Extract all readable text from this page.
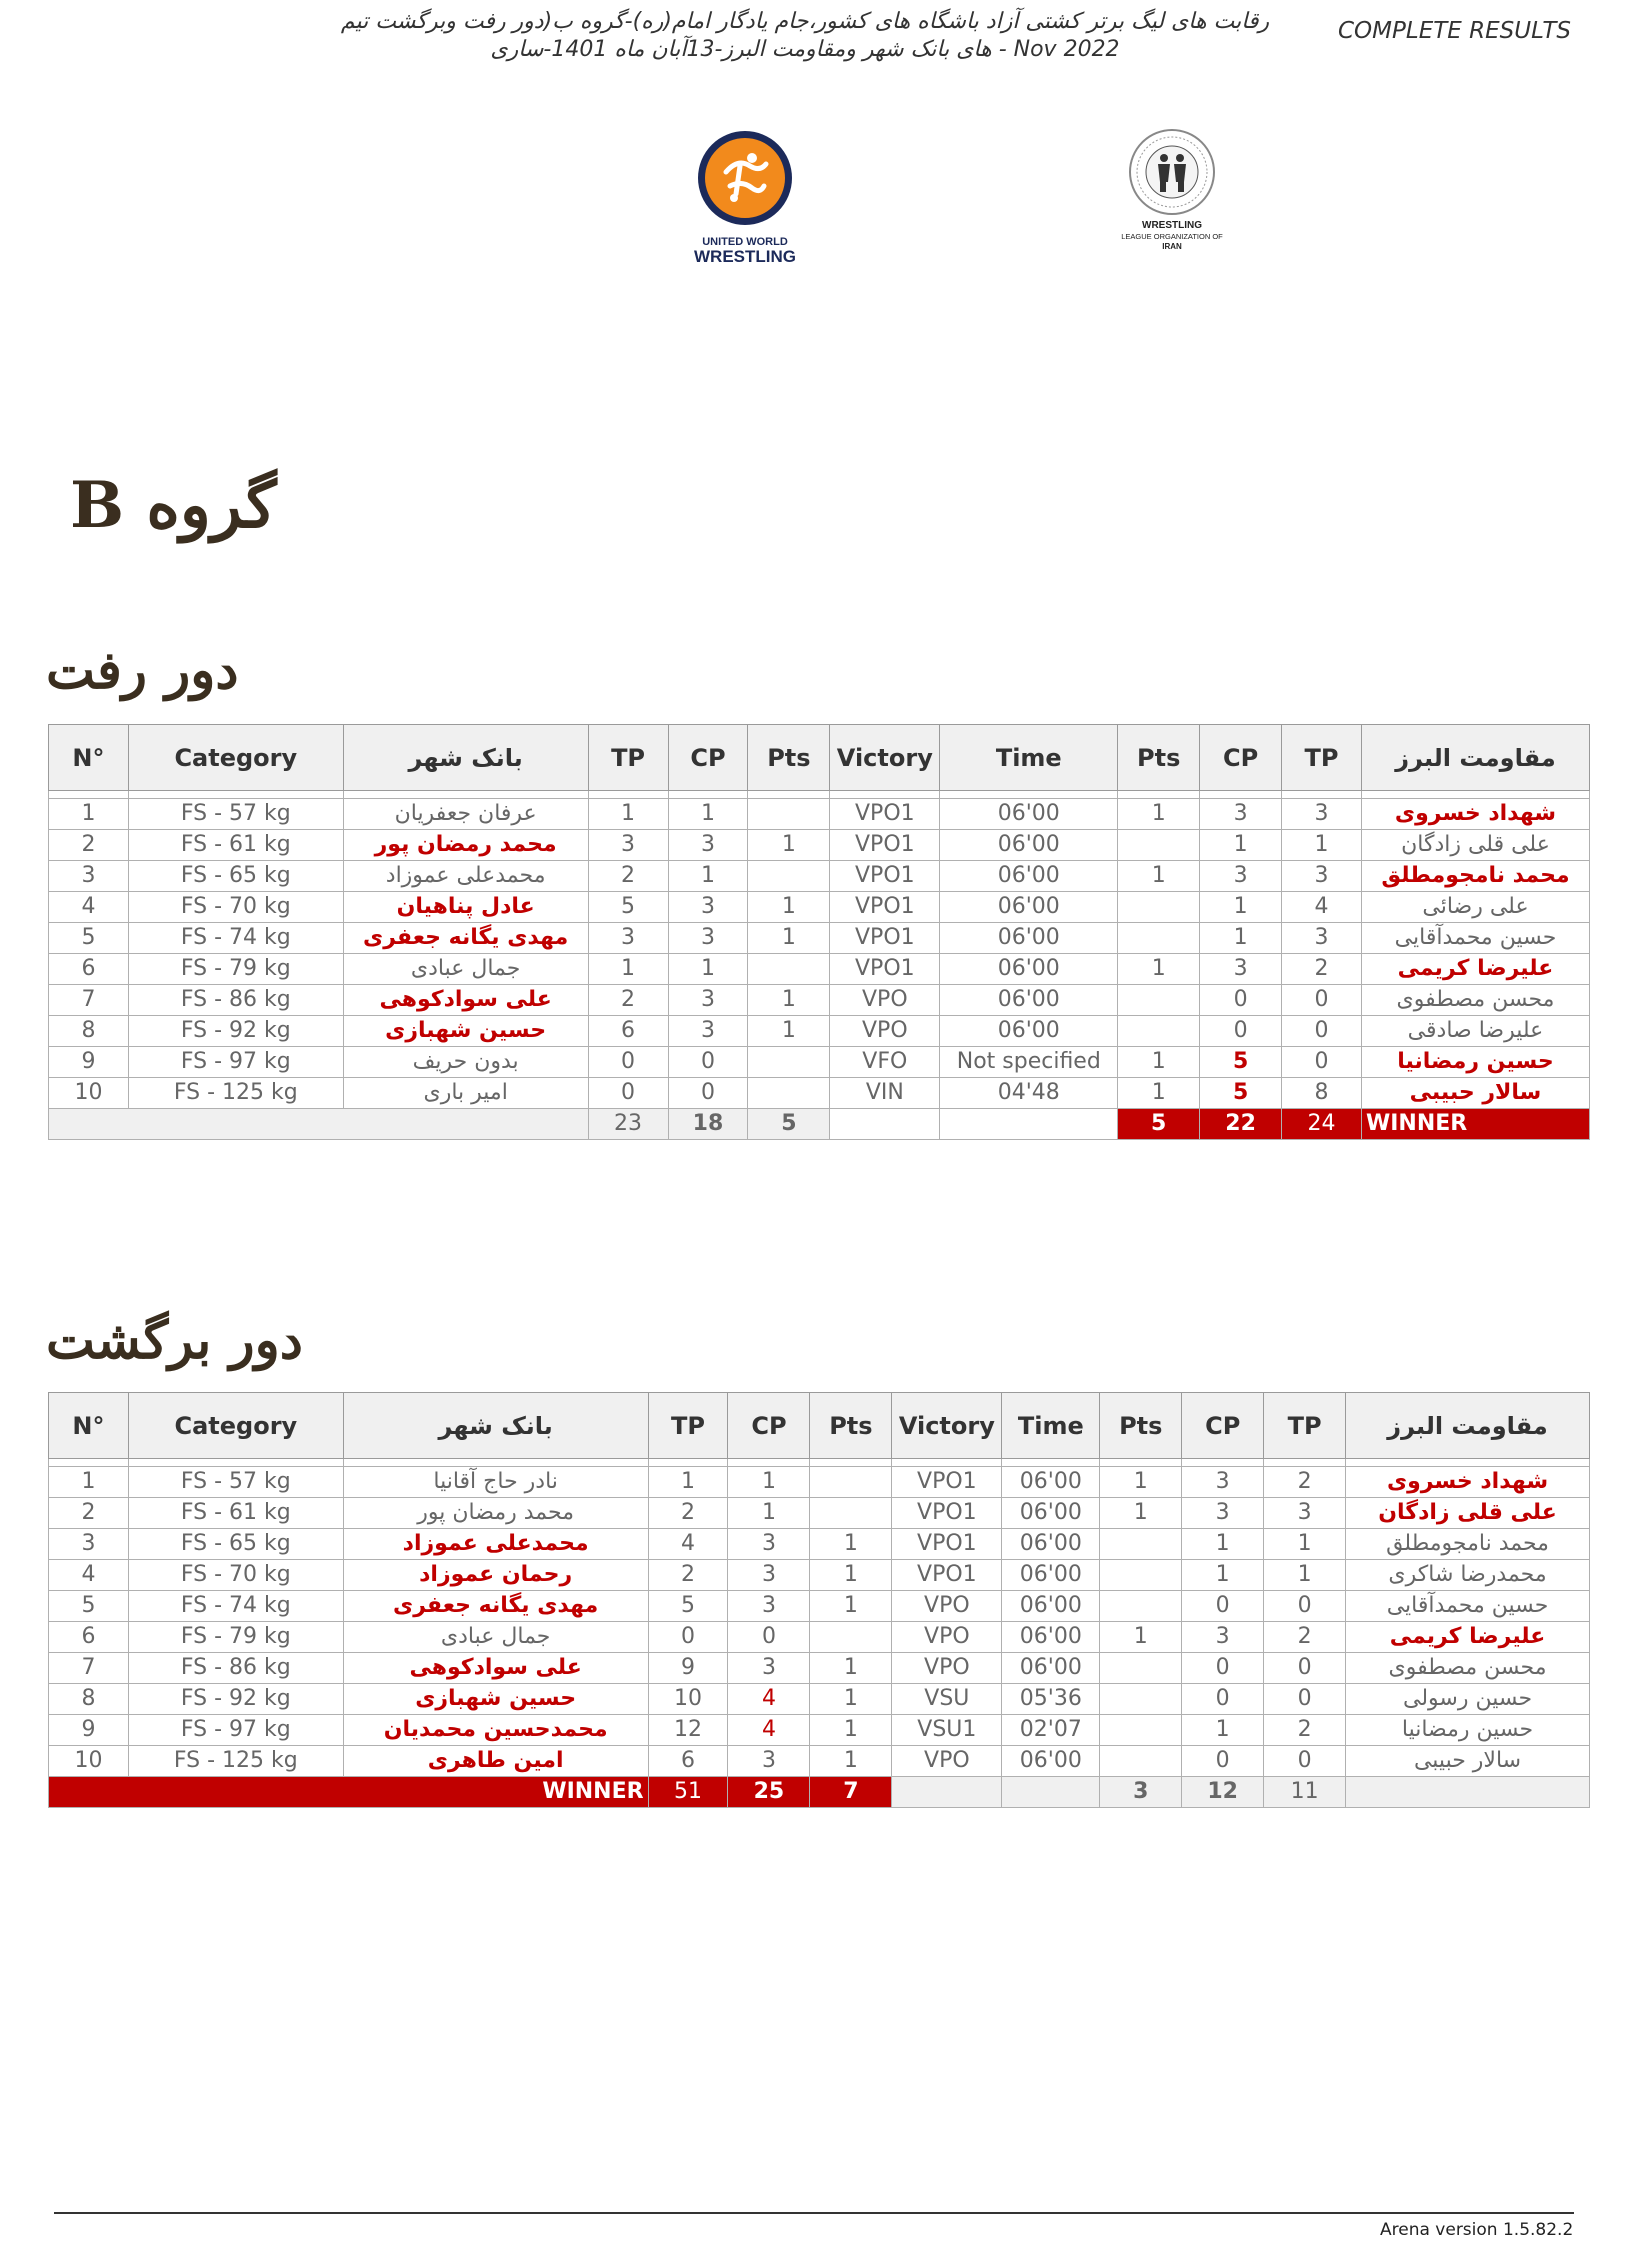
رقابت های لیگ برتر کشتی آزاد باشگاه های کشور،جام یادگار امام(ره)-گروه ب(دور رفت وبرگشت تیم
Nov 2022 - های بانک شهر ومقاومت البرز-13آبان ماه 1401-ساری
COMPLETE RESULTS
UNITED WORLD
WRESTLING
WRESTLING
LEAGUE ORGANIZATION OF
IRAN
گروه B
دور رفت
N°	Category	بانک شهر	TP	CP	Pts	Victory	Time	Pts	CP	TP	مقاومت البرز

1	FS - 57 kg	عرفان جعفریان	1	1		VPO1	06'00	1	3	3	شهداد خسروی
2	FS - 61 kg	محمد رمضان پور	3	3	1	VPO1	06'00		1	1	علی قلی زادگان
3	FS - 65 kg	محمدعلی عموزاد	2	1		VPO1	06'00	1	3	3	محمد نامجومطلق
4	FS - 70 kg	عادل پناهیان	5	3	1	VPO1	06'00		1	4	علی رضائی
5	FS - 74 kg	مهدی یگانه جعفری	3	3	1	VPO1	06'00		1	3	حسین محمدآقایی
6	FS - 79 kg	جمال عبادی	1	1		VPO1	06'00	1	3	2	علیرضا کریمی
7	FS - 86 kg	علی سوادکوهی	2	3	1	VPO	06'00		0	0	محسن مصطفوی
8	FS - 92 kg	حسین شهبازی	6	3	1	VPO	06'00		0	0	علیرضا صادقی
9	FS - 97 kg	بدون حریف	0	0		VFO	Not specified	1	5	0	حسین رمضانیا
10	FS - 125 kg	امیر باری	0	0		VIN	04'48	1	5	8	سالار حبیبی
			23	18	5			5	22	24	WINNER
دور برگشت
N°	Category	بانک شهر	TP	CP	Pts	Victory	Time	Pts	CP	TP	مقاومت البرز

1	FS - 57 kg	نادر حاج آقانیا	1	1		VPO1	06'00	1	3	2	شهداد خسروی
2	FS - 61 kg	محمد رمضان پور	2	1		VPO1	06'00	1	3	3	علی قلی زادگان
3	FS - 65 kg	محمدعلی عموزاد	4	3	1	VPO1	06'00		1	1	محمد نامجومطلق
4	FS - 70 kg	رحمان عموزاد	2	3	1	VPO1	06'00		1	1	محمدرضا شاکری
5	FS - 74 kg	مهدی یگانه جعفری	5	3	1	VPO	06'00		0	0	حسین محمدآقایی
6	FS - 79 kg	جمال عبادی	0	0		VPO	06'00	1	3	2	علیرضا کریمی
7	FS - 86 kg	علی سوادکوهی	9	3	1	VPO	06'00		0	0	محسن مصطفوی
8	FS - 92 kg	حسین شهبازی	10	4	1	VSU	05'36		0	0	حسین رسولی
9	FS - 97 kg	محمدحسین محمدیان	12	4	1	VSU1	02'07		1	2	حسین رمضانیا
10	FS - 125 kg	امین طاهری	6	3	1	VPO	06'00		0	0	سالار حبیبی
WINNER			51	25	7			3	12	11	
Arena version 1.5.82.2
